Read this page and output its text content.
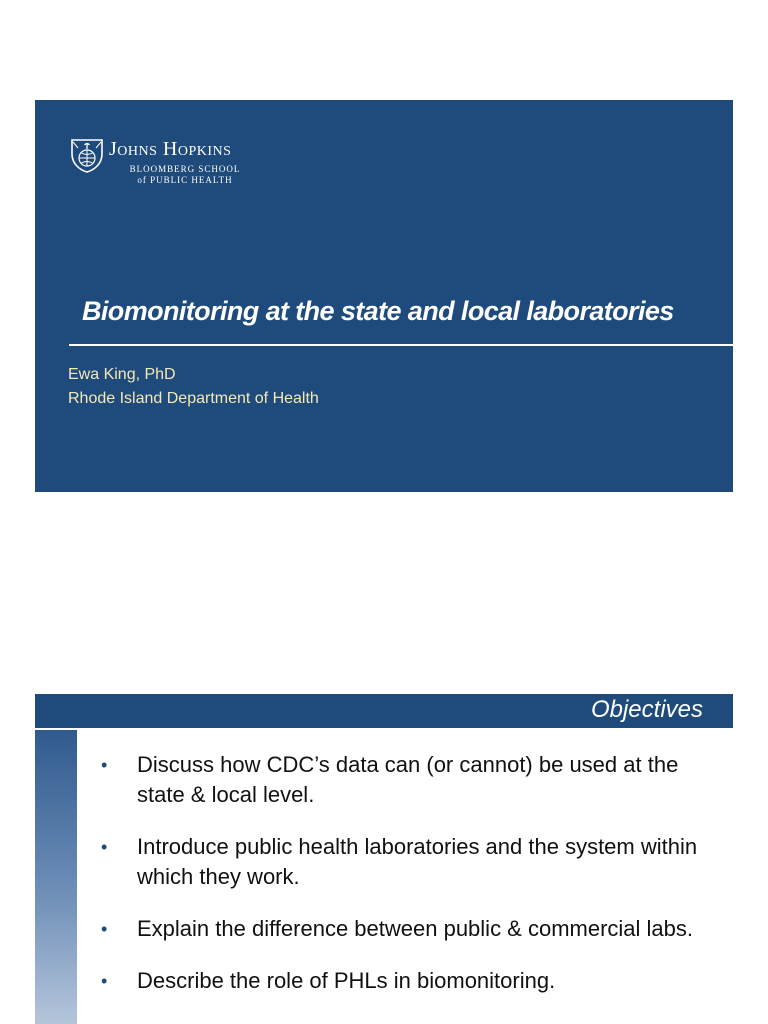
Johns Hopkins
BLOOMBERG SCHOOL
of PUBLIC HEALTH
Biomonitoring at the state and local laboratories
Ewa King, PhD
Rhode Island Department of Health
Objectives
• Discuss how CDC’s data can (or cannot) be used at the state & local level.
• Introduce public health laboratories and the system within which they work.
• Explain the difference between public & commercial labs.
• Describe the role of PHLs in biomonitoring.
